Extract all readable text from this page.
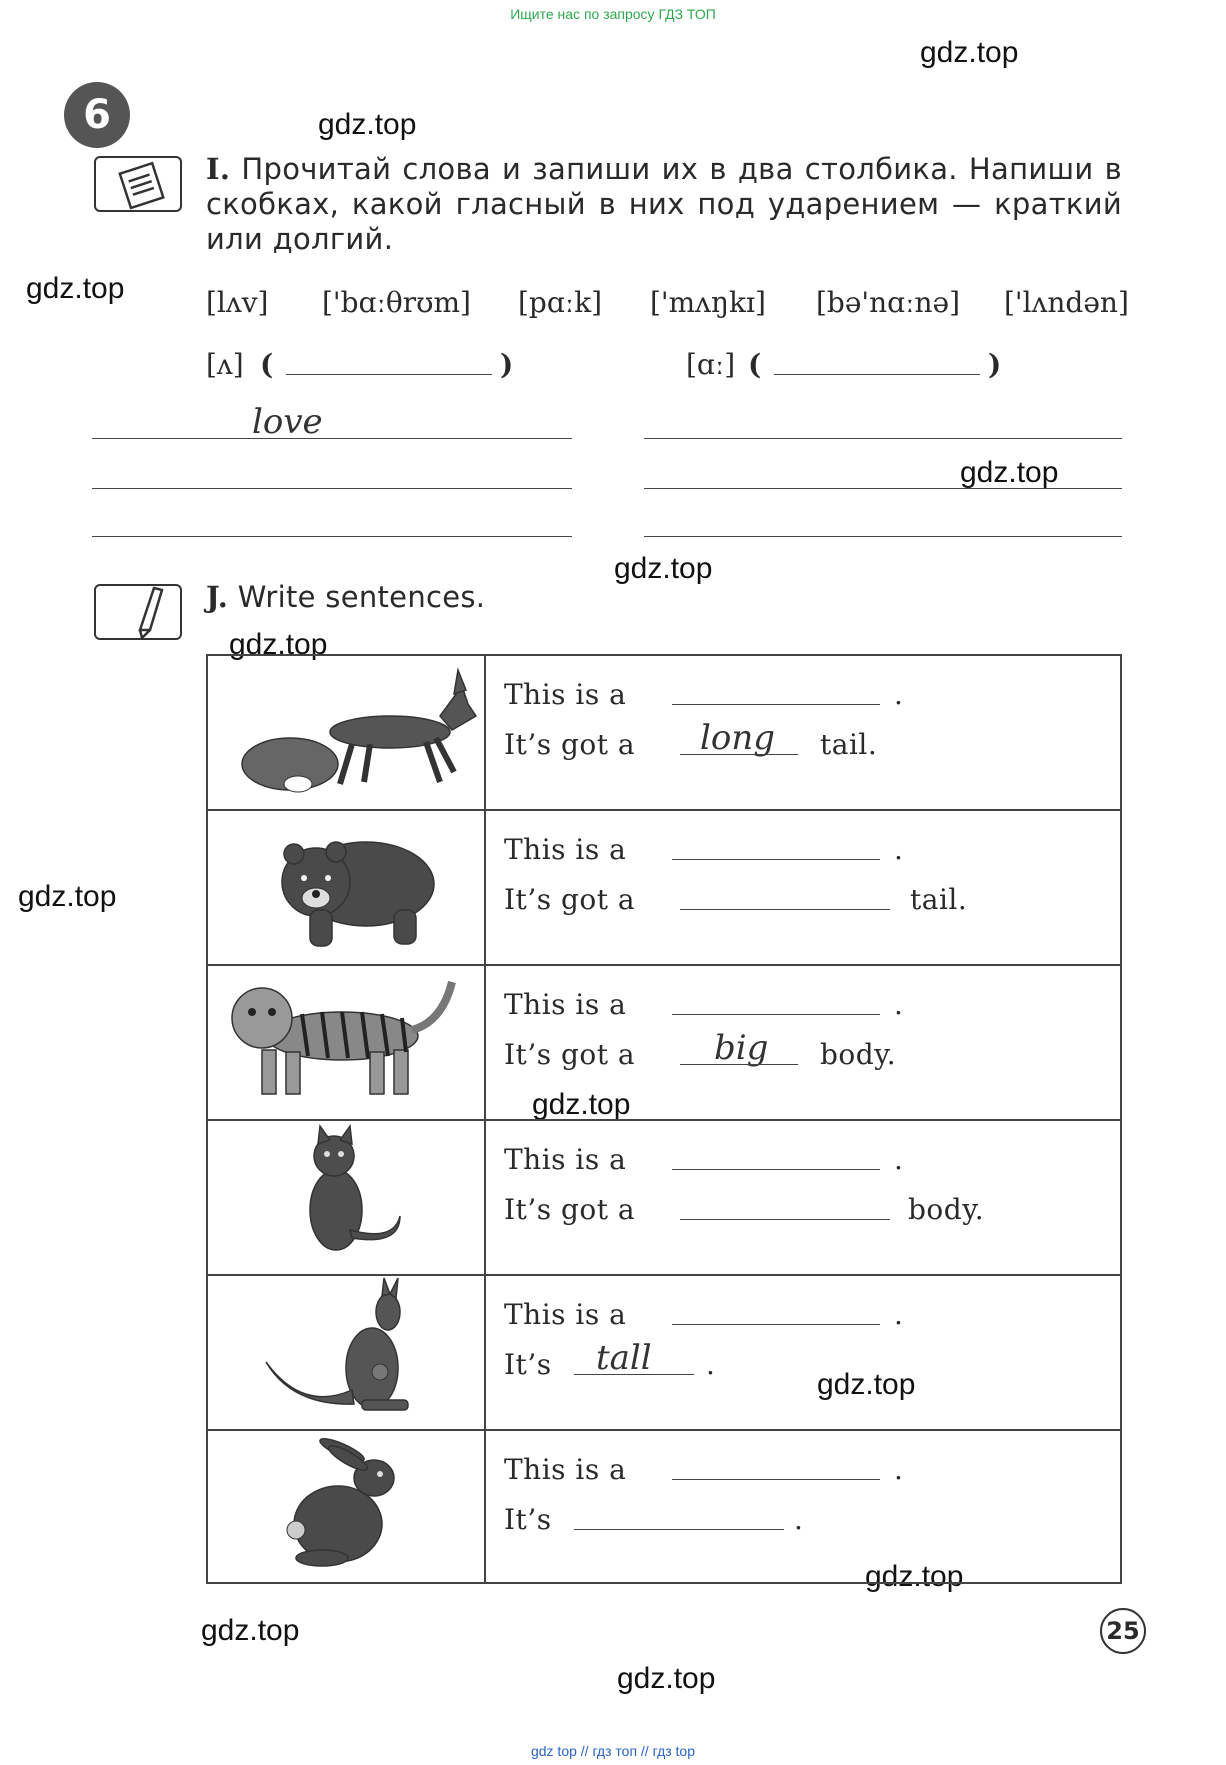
Ищите нас по запросу ГДЗ ТОП
gdz top // гдз топ // гдз top
gdz.top
gdz.top
gdz.top
gdz.top
gdz.top
gdz.top
gdz.top
gdz.top
gdz.top
gdz.top
gdz.top
gdz.top
6
I. Прочитай слова и запиши их в два столбика. Напиши в скобках, какой гласный в них под ударением — краткий или долгий.
[lʌv] ['bɑːθrʊm] [pɑːk] ['mʌŋkɪ] [bə'nɑːnə] ['lʌndən]
[ʌ] (	)	[ɑː] (	)
love
J. Write sentences.
This is a	.
It’s got a long tail.
This is a	.
It’s got a	tail.
This is a	.
It’s got a big body.
This is a	.
It’s got a	body.
This is a	.
It’s tall .
This is a	.
It’s	.
25
